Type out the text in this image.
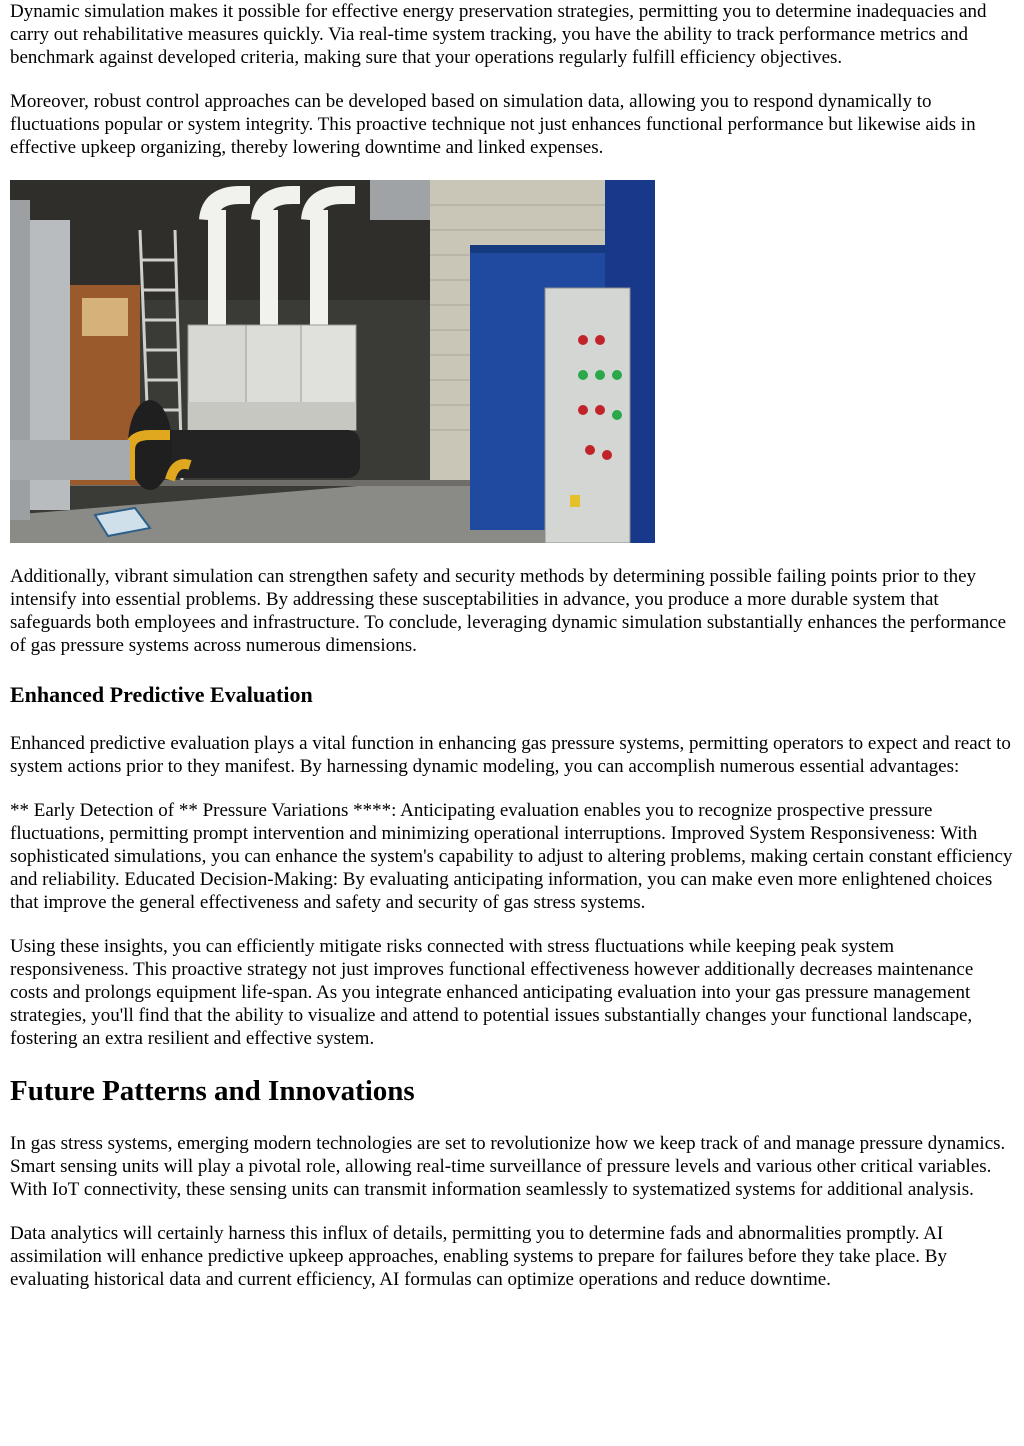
Dynamic simulation makes it possible for effective energy preservation strategies, permitting you to determine inadequacies and carry out rehabilitative measures quickly. Via real-time system tracking, you have the ability to track performance metrics and benchmark against developed criteria, making sure that your operations regularly fulfill efficiency objectives.

Moreover, robust control approaches can be developed based on simulation data, allowing you to respond dynamically to fluctuations popular or system integrity. This proactive technique not just enhances functional performance but likewise aids in effective upkeep organizing, thereby lowering downtime and linked expenses.

Additionally, vibrant simulation can strengthen safety and security methods by determining possible failing points prior to they intensify into essential problems. By addressing these susceptabilities in advance, you produce a more durable system that safeguards both employees and infrastructure. To conclude, leveraging dynamic simulation substantially enhances the performance of gas pressure systems across numerous dimensions.

Enhanced Predictive Evaluation

Enhanced predictive evaluation plays a vital function in enhancing gas pressure systems, permitting operators to expect and react to system actions prior to they manifest. By harnessing dynamic modeling, you can accomplish numerous essential advantages:

** Early Detection of ** Pressure Variations ****: Anticipating evaluation enables you to recognize prospective pressure fluctuations, permitting prompt intervention and minimizing operational interruptions. Improved System Responsiveness: With sophisticated simulations, you can enhance the system's capability to adjust to altering problems, making certain constant efficiency and reliability. Educated Decision-Making: By evaluating anticipating information, you can make even more enlightened choices that improve the general effectiveness and safety and security of gas stress systems.

Using these insights, you can efficiently mitigate risks connected with stress fluctuations while keeping peak system responsiveness. This proactive strategy not just improves functional effectiveness however additionally decreases maintenance costs and prolongs equipment life-span. As you integrate enhanced anticipating evaluation into your gas pressure management strategies, you'll find that the ability to visualize and attend to potential issues substantially changes your functional landscape, fostering an extra resilient and effective system.

Future Patterns and Innovations

In gas stress systems, emerging modern technologies are set to revolutionize how we keep track of and manage pressure dynamics. Smart sensing units will play a pivotal role, allowing real-time surveillance of pressure levels and various other critical variables. With IoT connectivity, these sensing units can transmit information seamlessly to systematized systems for additional analysis.

Data analytics will certainly harness this influx of details, permitting you to determine fads and abnormalities promptly. AI assimilation will enhance predictive upkeep approaches, enabling systems to prepare for failures before they take place. By evaluating historical data and current efficiency, AI formulas can optimize operations and reduce downtime.
